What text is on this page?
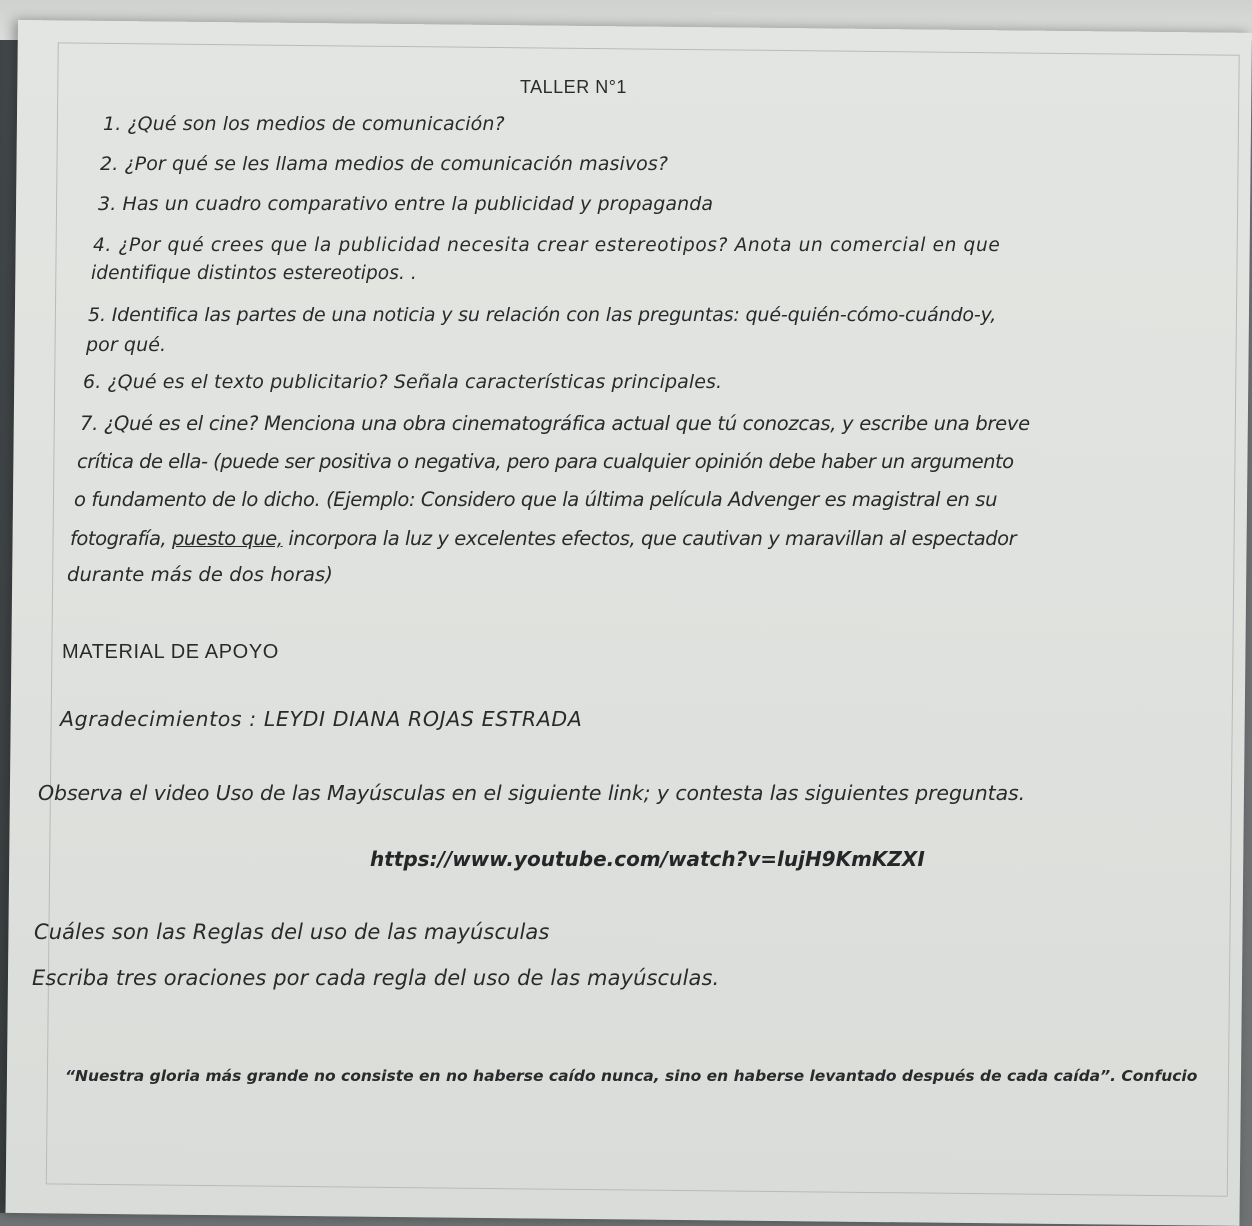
TALLER N°1
1. ¿Qué son los medios de comunicación?
2. ¿Por qué se les llama medios de comunicación masivos?
3. Has un cuadro comparativo entre la publicidad y propaganda
4. ¿Por qué crees que la publicidad necesita crear estereotipos? Anota un comercial en que
identifique distintos estereotipos. .
5. Identifica las partes de una noticia y su relación con las preguntas: qué-quién-cómo-cuándo-y,
por qué.
6. ¿Qué es el texto publicitario? Señala características principales.
7. ¿Qué es el cine? Menciona una obra cinematográfica actual que tú conozcas, y escribe una breve
crítica de ella- (puede ser positiva o negativa, pero para cualquier opinión debe haber un argumento
o fundamento de lo dicho. (Ejemplo: Considero que la última película Advenger es magistral en su
fotografía, puesto que, incorpora la luz y excelentes efectos, que cautivan y maravillan al espectador
durante más de dos horas)
MATERIAL DE APOYO
Agradecimientos : LEYDI DIANA ROJAS ESTRADA
Observa el video Uso de las Mayúsculas en el siguiente link; y contesta las siguientes preguntas.
https://www.youtube.com/watch?v=lujH9KmKZXI
Cuáles son las Reglas del uso de las mayúsculas
Escriba tres oraciones por cada regla del uso de las mayúsculas.
“Nuestra gloria más grande no consiste en no haberse caído nunca, sino en haberse levantado después de cada caída”. Confucio
